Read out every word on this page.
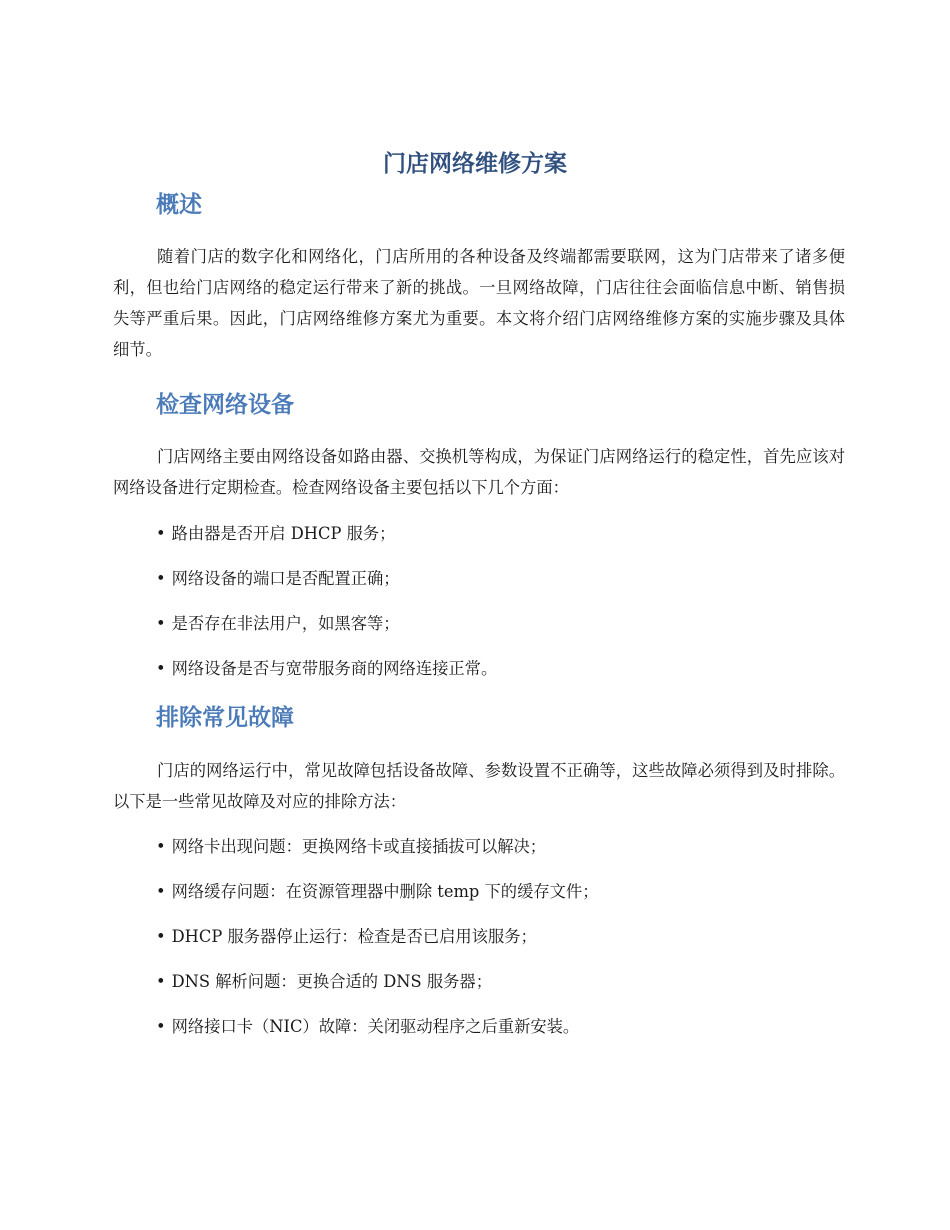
门店网络维修方案
概述

随着门店的数字化和网络化，门店所用的各种设备及终端都需要联网，这为门店带来了诸多便利，但也给门店网络的稳定运行带来了新的挑战。一旦网络故障，门店往往会面临信息中断、销售损失等严重后果。因此，门店网络维修方案尤为重要。本文将介绍门店网络维修方案的实施步骤及具体细节。

检查网络设备

门店网络主要由网络设备如路由器、交换机等构成，为保证门店网络运行的稳定性，首先应该对网络设备进行定期检查。检查网络设备主要包括以下几个方面：

• 路由器是否开启 DHCP 服务；
• 网络设备的端口是否配置正确；
• 是否存在非法用户，如黑客等；
• 网络设备是否与宽带服务商的网络连接正常。
排除常见故障

门店的网络运行中，常见故障包括设备故障、参数设置不正确等，这些故障必须得到及时排除。以下是一些常见故障及对应的排除方法：

• 网络卡出现问题：更换网络卡或直接插拔可以解决；
• 网络缓存问题：在资源管理器中删除 temp 下的缓存文件；
• DHCP 服务器停止运行：检查是否已启用该服务；
• DNS 解析问题：更换合适的 DNS 服务器；
• 网络接口卡（NIC）故障：关闭驱动程序之后重新安装。
